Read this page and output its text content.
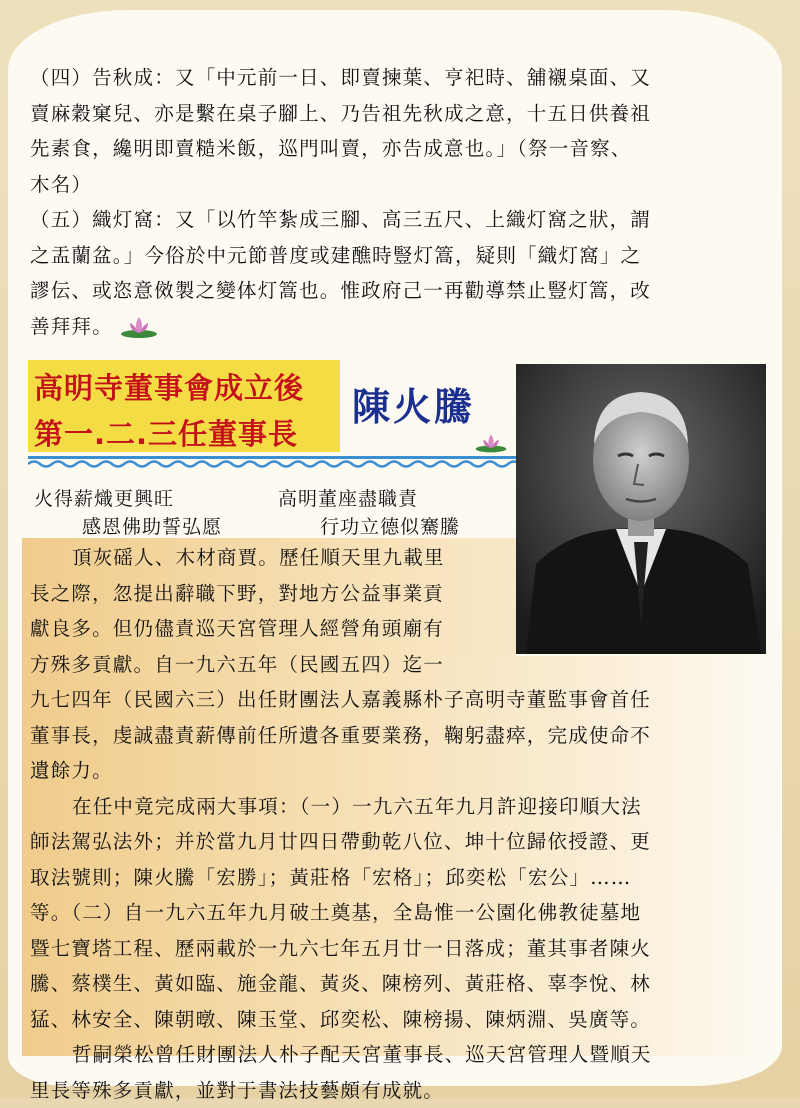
（四）告秋成：又「中元前一日、即賣揀葉、亨祀時、舖襯桌面、又

賣麻穀窠兒、亦是繫在桌子腳上、乃告祖先秋成之意，十五日供養祖

先素食，纔明即賣糙米飯，巡門叫賣，亦告成意也。」（祭一音察、

木名）

（五）織灯窩：又「以竹竿紮成三腳、高三五尺、上織灯窩之狀，謂

之盂蘭盆。」今俗於中元節普度或建醮時豎灯篙，疑則「織灯窩」之

謬伝、或恣意傚製之變体灯篙也。惟政府己一再勸導禁止豎灯篙，改

善拜拜。

高明寺董事會成立後
第一.二.三任董事長
陳火騰
火得薪熾更興旺	高明董座盡職責
感恩佛助誓弘愿	行功立德似騫騰
頂灰磘人、木材商賈。歷任順天里九載里
長之際，忽提出辭職下野，對地方公益事業貢
獻良多。但仍儘責巡天宮管理人經營角頭廟有
方殊多貢獻。自一九六五年（民國五四）迄一
九七四年（民國六三）出任財團法人嘉義縣朴子高明寺董監事會首任
董事長，虔誠盡責薪傳前任所遺各重要業務，鞠躬盡瘁，完成使命不
遺餘力。
在任中竟完成兩大事項：（一）一九六五年九月許迎接印順大法
師法駕弘法外；并於當九月廿四日帶動乾八位、坤十位歸依授證、更
取法號則；陳火騰「宏勝」；黃莊格「宏格」；邱奕松「宏公」……
等。（二）自一九六五年九月破土奠基，全島惟一公園化佛教徒墓地
暨七寶塔工程、歷兩載於一九六七年五月廿一日落成；董其事者陳火
騰、蔡樸生、黃如臨、施金龍、黃炎、陳榜列、黃莊格、辜李悅、林
猛、林安全、陳朝暾、陳玉堂、邱奕松、陳榜揚、陳炳淵、吳廣等。
哲嗣榮松曾任財團法人朴子配天宮董事長、巡天宮管理人暨順天
里長等殊多貢獻，並對于書法技藝頗有成就。
